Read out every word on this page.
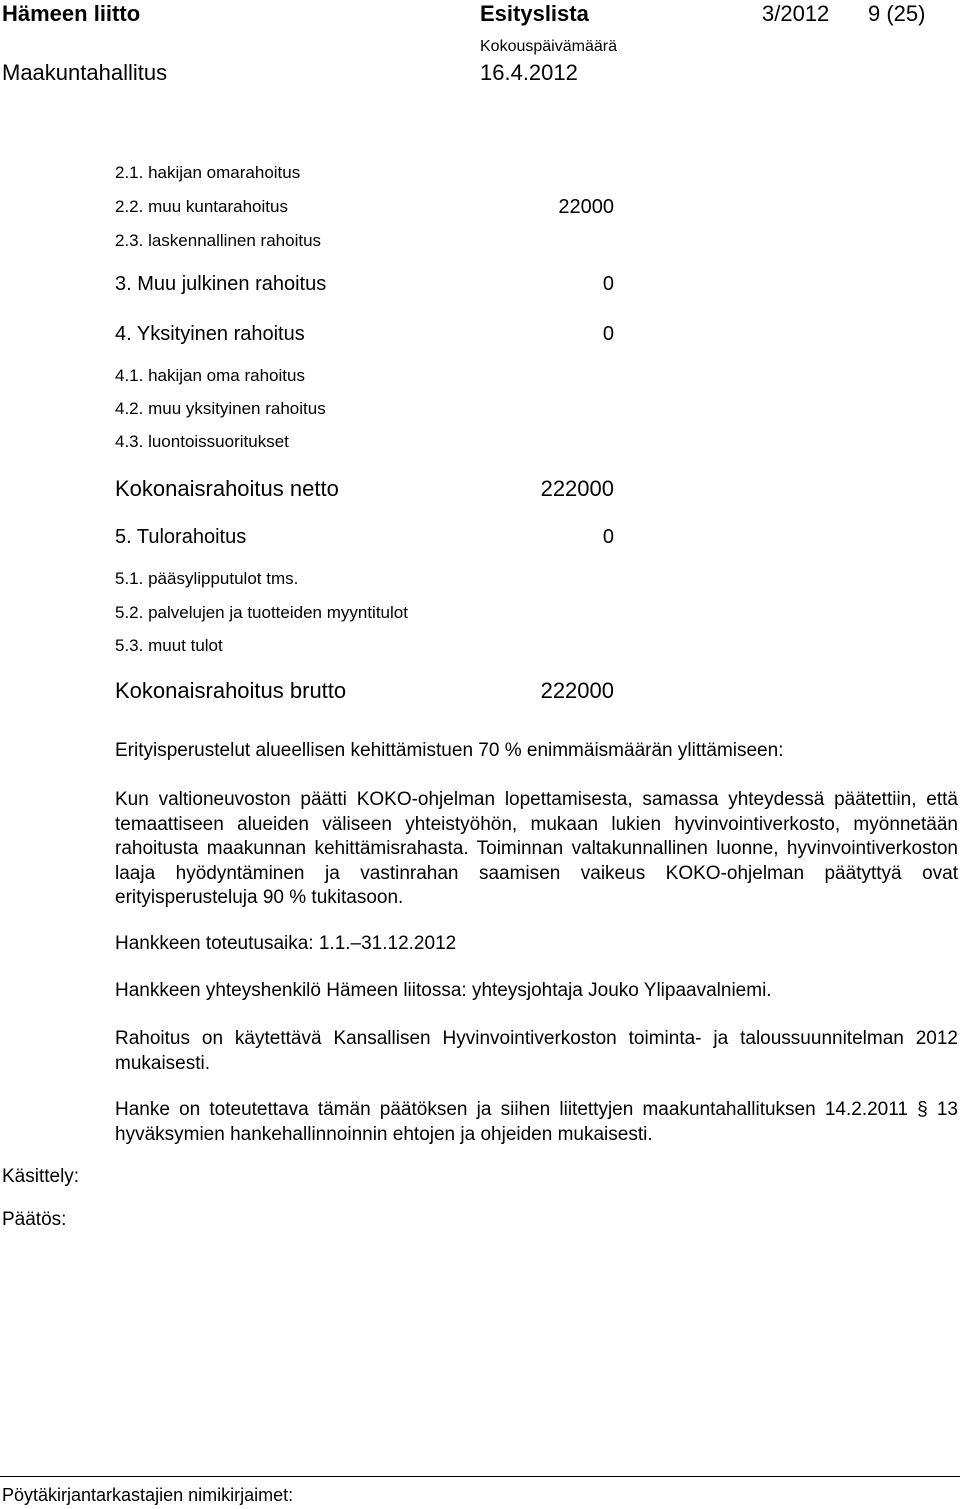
Hämeen liitto	Esityslista	3/2012 9 (25)
Kokouspäivämäärä
Maakuntahallitus	16.4.2012
2.1. hakijan omarahoitus
2.2. muu kuntarahoitus	22000
2.3. laskennallinen rahoitus
3. Muu julkinen rahoitus	0
4. Yksityinen rahoitus	0
4.1. hakijan oma rahoitus
4.2. muu yksityinen rahoitus
4.3. luontoissuoritukset
Kokonaisrahoitus netto	222000
5. Tulorahoitus	0
5.1. pääsylipputulot tms.
5.2. palvelujen ja tuotteiden myyntitulot
5.3. muut tulot
Kokonaisrahoitus brutto	222000
Erityisperustelut alueellisen kehittämistuen 70 % enimmäismäärän ylittämiseen:
Kun valtioneuvoston päätti KOKO-ohjelman lopettamisesta, samassa yhteydessä päätettiin, että temaattiseen alueiden väliseen yhteistyöhön, mukaan lukien hyvinvointiverkosto, myönnetään rahoitusta maakunnan kehittämisrahasta. Toiminnan valtakunnallinen luonne, hyvinvointiverkoston laaja hyödyntäminen ja vastinrahan saamisen vaikeus KOKO-ohjelman päätyttyä ovat erityisperusteluja 90 % tukitasoon.
Hankkeen toteutusaika: 1.1.–31.12.2012
Hankkeen yhteyshenkilö Hämeen liitossa: yhteysjohtaja Jouko Ylipaavalniemi.
Rahoitus on käytettävä Kansallisen Hyvinvointiverkoston toiminta- ja taloussuunnitelman 2012 mukaisesti.
Hanke on toteutettava tämän päätöksen ja siihen liitettyjen maakuntahallituksen 14.2.2011 § 13 hyväksymien hankehallinnoinnin ehtojen ja ohjeiden mukaisesti.
Käsittely:
Päätös:
Pöytäkirjantarkastajien nimikirjaimet:
